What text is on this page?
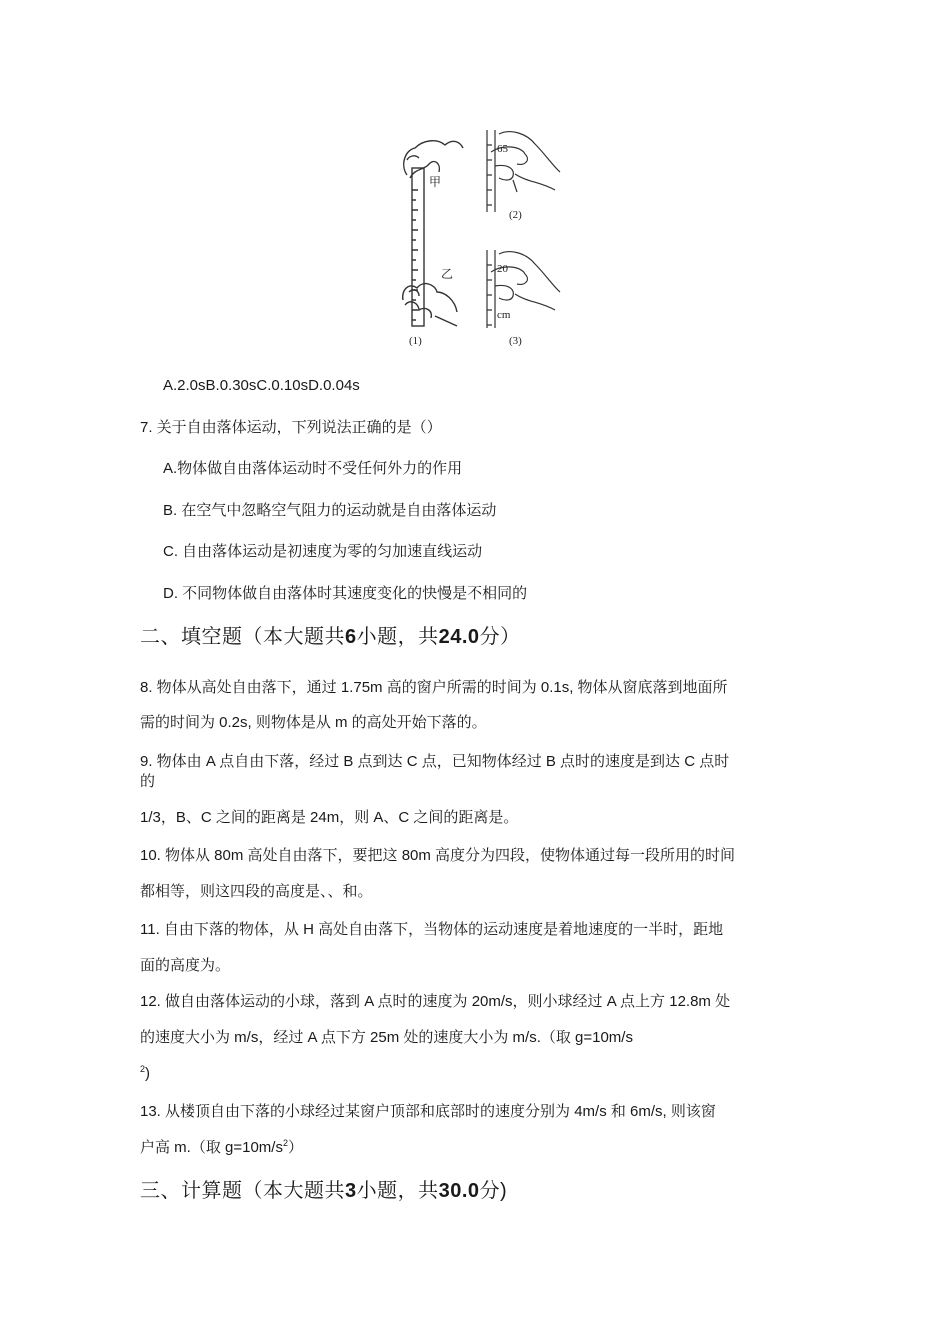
甲
乙
(1)
65
(2)
20
cm
(3)
A.2.0sB.0.30sC.0.10sD.0.04s
7. 关于自由落体运动，下列说法正确的是（）
A.物体做自由落体运动时不受任何外力的作用
B. 在空气中忽略空气阻力的运动就是自由落体运动
C. 自由落体运动是初速度为零的匀加速直线运动
D. 不同物体做自由落体时其速度变化的快慢是不相同的
二、填空题（本大题共6小题，共24.0分）
8. 物体从高处自由落下，通过 1.75m 高的窗户所需的时间为 0.1s, 物体从窗底落到地面所
需的时间为 0.2s, 则物体是从 m 的高处开始下落的。
9. 物体由 A 点自由下落，经过 B 点到达 C 点，已知物体经过 B 点时的速度是到达 C 点时
的
1/3，B、C 之间的距离是 24m，则 A、C 之间的距离是。
10. 物体从 80m 高处自由落下，要把这 80m 高度分为四段，使物体通过每一段所用的时间
都相等，则这四段的高度是、、和。
11. 自由下落的物体，从 H 高处自由落下，当物体的运动速度是着地速度的一半时，距地
面的高度为。
12. 做自由落体运动的小球，落到 A 点时的速度为 20m/s，则小球经过 A 点上方 12.8m 处
的速度大小为 m/s，经过 A 点下方 25m 处的速度大小为 m/s.（取 g=10m/s
$^2$)
13. 从楼顶自由下落的小球经过某窗户顶部和底部时的速度分别为 4m/s 和 6m/s, 则该窗
户高 m.（取 $g=10m/s^2$）
三、计算题（本大题共3小题，共30.0分)
